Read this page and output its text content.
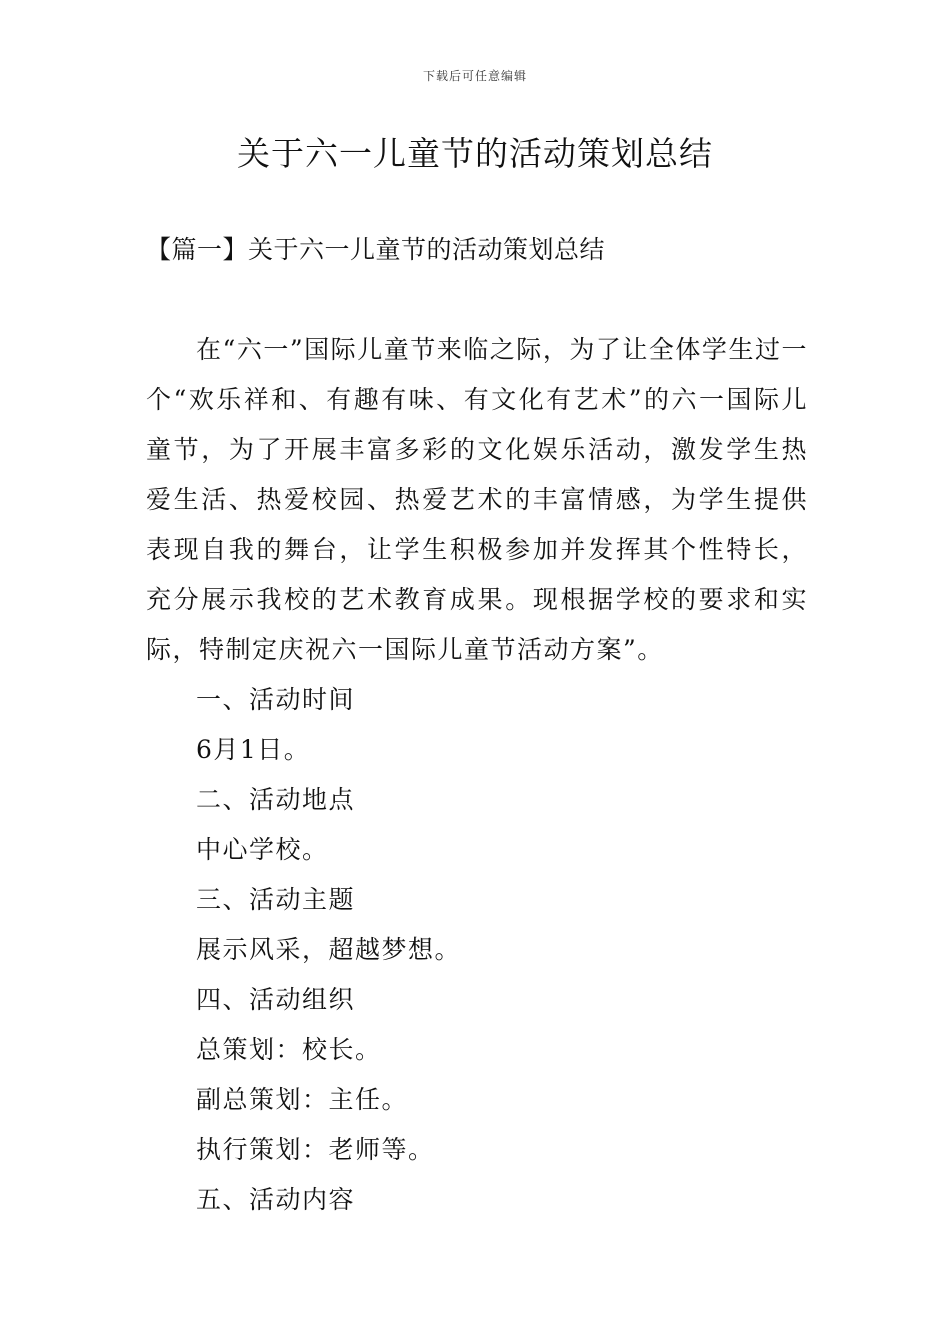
下载后可任意编辑
关于六一儿童节的活动策划总结
【篇一】关于六一儿童节的活动策划总结

在“六一”国际儿童节来临之际，为了让全体学生过一个“欢乐祥和、有趣有味、有文化有艺术”的六一国际儿童节，为了开展丰富多彩的文化娱乐活动，激发学生热爱生活、热爱校园、热爱艺术的丰富情感，为学生提供表现自我的舞台，让学生积极参加并发挥其个性特长，充分展示我校的艺术教育成果。现根据学校的要求和实际，特制定庆祝六一国际儿童节活动方案”。

一、活动时间

6月1日。

二、活动地点

中心学校。

三、活动主题

展示风采，超越梦想。

四、活动组织

总策划：校长。

副总策划：主任。

执行策划：老师等。

五、活动内容
